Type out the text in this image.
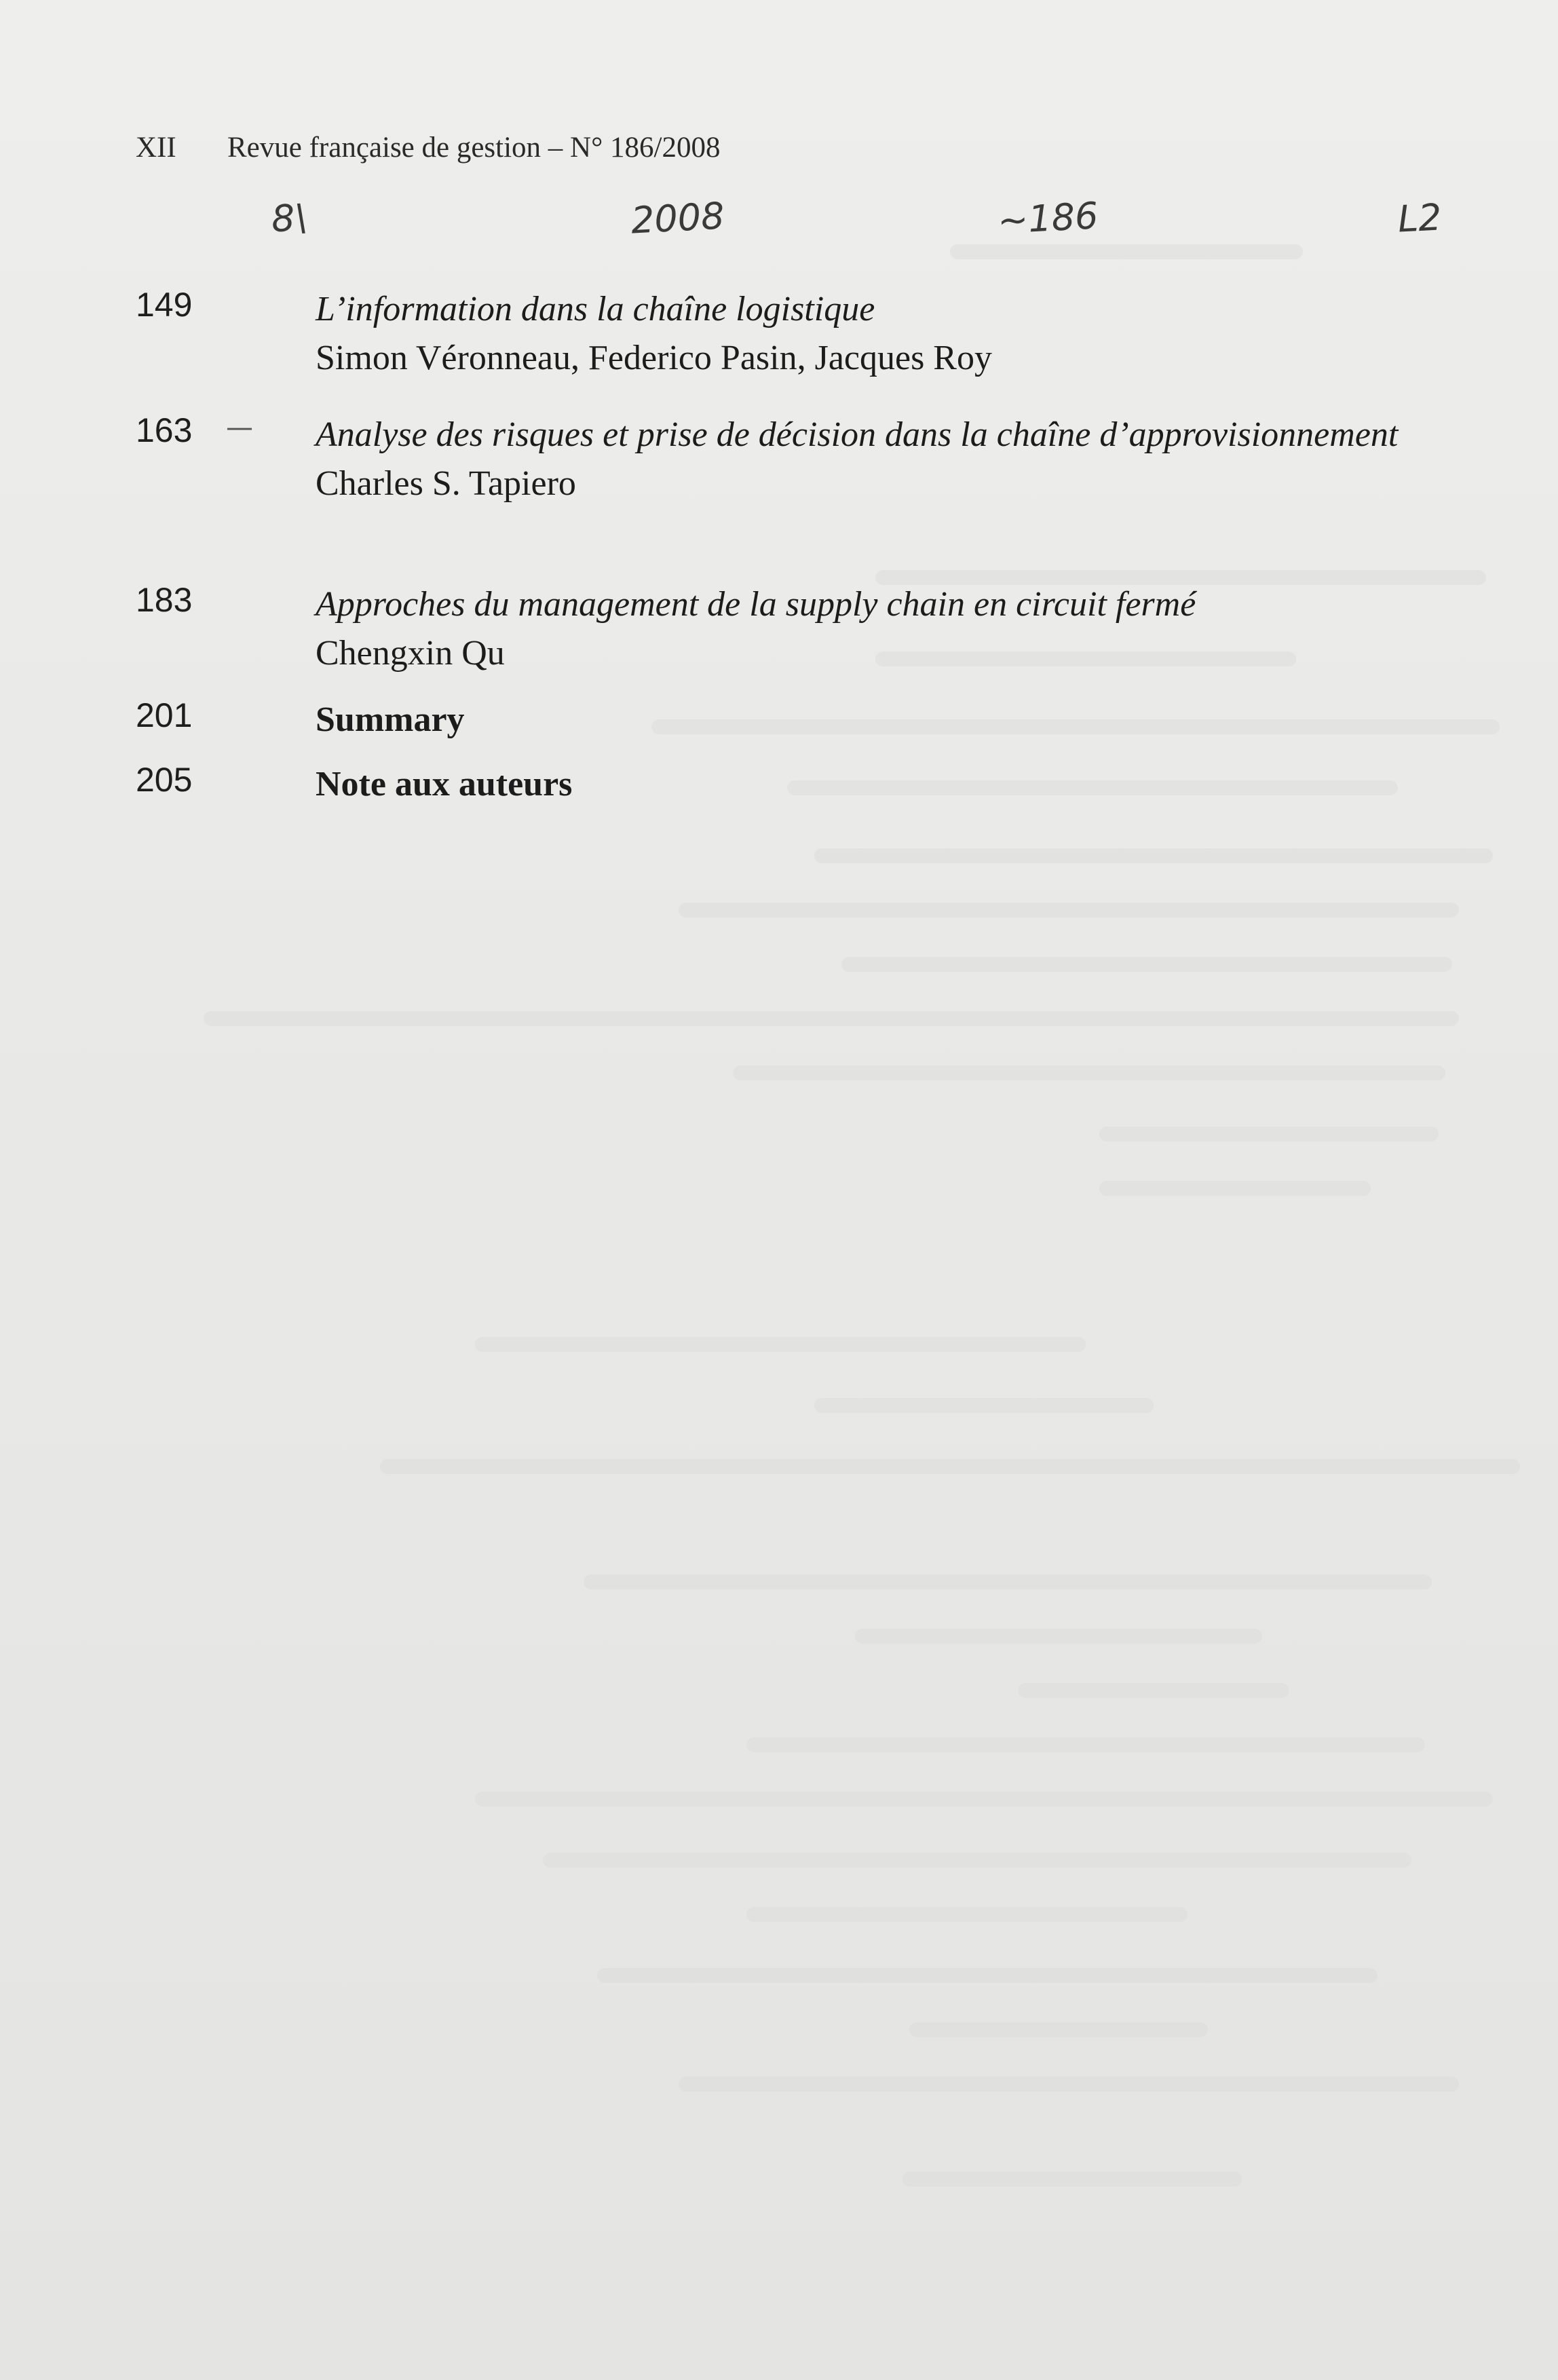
XII Revue française de gestion – N° 186/2008
8\	2008	~186	L2
149	L’information dans la chaîne logistique
Simon Véronneau, Federico Pasin, Jacques Roy
163 — Analyse des risques et prise de décision dans la chaîne d’approvisionnement
Charles S. Tapiero
183	Approches du management de la supply chain en circuit fermé
Chengxin Qu
201	Summary
205	Note aux auteurs
